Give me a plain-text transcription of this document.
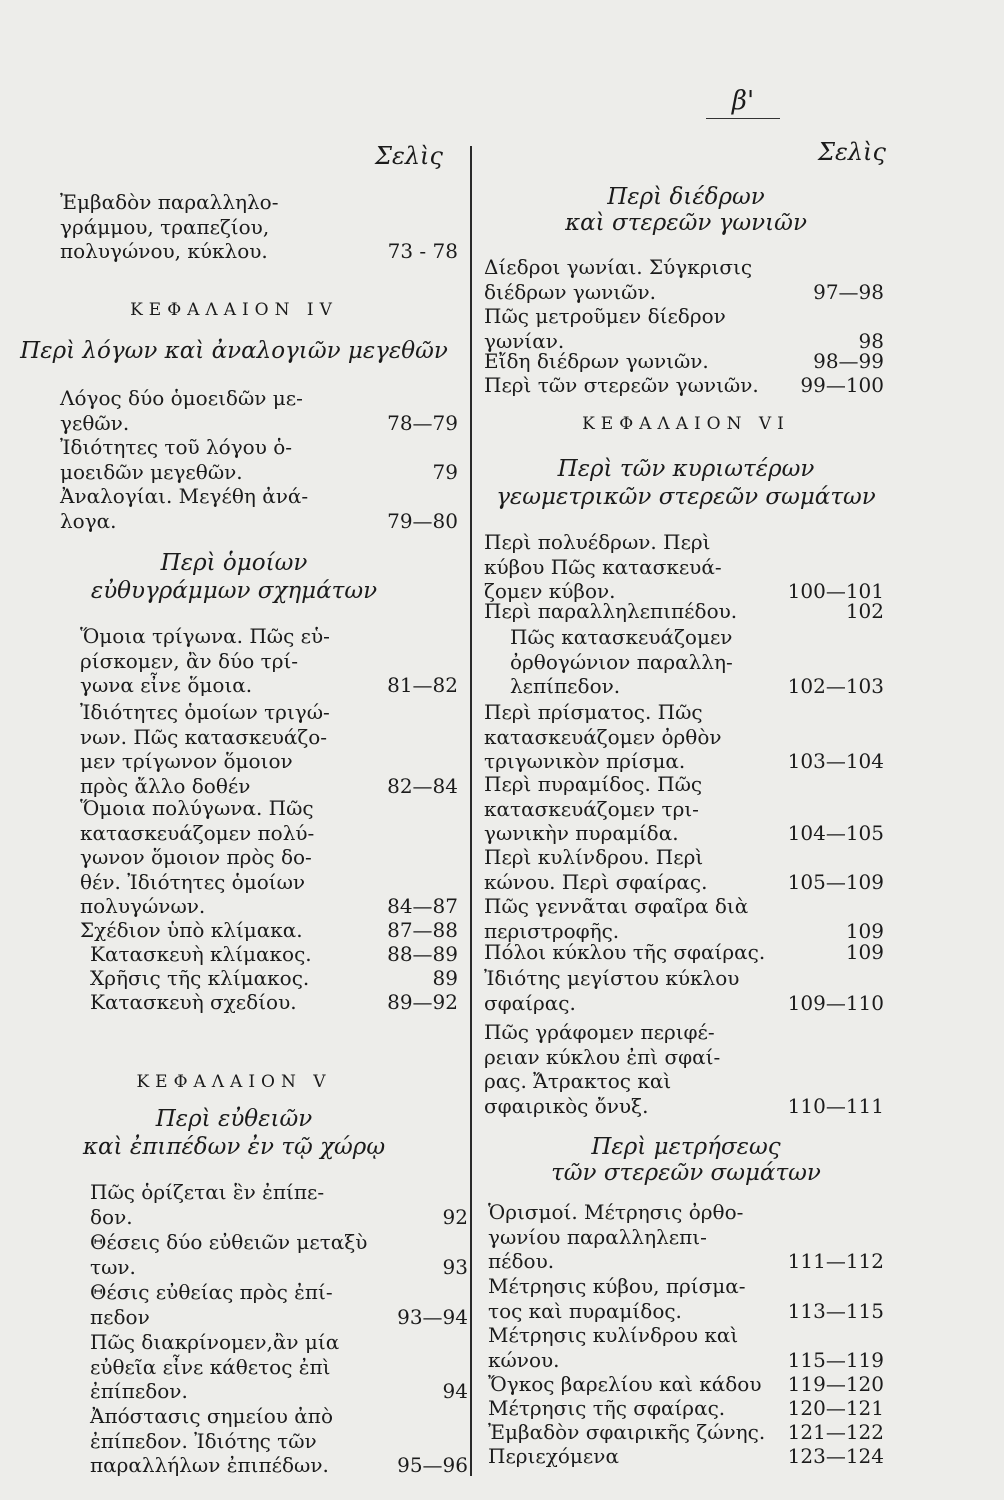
β'
Σελὶς
Ἐμβαδὸν παραλληλο-
γράμμου, τραπεζίου,
πολυγώνου, κύκλου.	73 - 78
ΚΕΦΑΛΑΙΟΝ IV
Περὶ λόγων καὶ ἀναλογιῶν μεγεθῶν
Λόγος δύο ὁμοειδῶν με-
γεθῶν.	78—79
Ἰδιότητες τοῦ λόγου ὁ-
μοειδῶν μεγεθῶν.	79
Ἀναλογίαι. Μεγέθη ἀνά-
λογα.	79—80
Περὶ ὁμοίων
εὐθυγράμμων σχημάτων
Ὅμοια τρίγωνα. Πῶς εὑ-
ρίσκομεν, ἂν δύο τρί-
γωνα εἶνε ὅμοια.	81—82
Ἰδιότητες ὁμοίων τριγώ-
νων. Πῶς κατασκευάζο-
μεν τρίγωνον ὅμοιον
πρὸς ἄλλο δοθέν	82—84
Ὅμοια πολύγωνα. Πῶς
κατασκευάζομεν πολύ-
γωνον ὅμοιον πρὸς δο-
θέν. Ἰδιότητες ὁμοίων
πολυγώνων.	84—87
Σχέδιον ὑπὸ κλίμακα.	87—88
Κατασκευὴ κλίμακος.	88—89
Χρῆσις τῆς κλίμακος.	89
Κατασκευὴ σχεδίου.	89—92
ΚΕΦΑΛΑΙΟΝ V
Περὶ εὐθειῶν
καὶ ἐπιπέδων ἐν τῷ χώρῳ
Πῶς ὁρίζεται ἓν ἐπίπε-
δον.	92
Θέσεις δύο εὐθειῶν μεταξὺ
των.	93
Θέσις εὐθείας πρὸς ἐπί-
πεδον	93—94
Πῶς διακρίνομεν,ἂν μία
εὐθεῖα εἶνε κάθετος ἐπὶ
ἐπίπεδον.	94
Ἀπόστασις σημείου ἀπὸ
ἐπίπεδον. Ἰδιότης τῶν
παραλλήλων ἐπιπέδων.	95—96
Σελὶς
Περὶ διέδρων
καὶ στερεῶν γωνιῶν
Δίεδροι γωνίαι. Σύγκρισις
διέδρων γωνιῶν.	97—98
Πῶς μετροῦμεν δίεδρον
γωνίαν.	98
Εἴδη διέδρων γωνιῶν.	98—99
Περὶ τῶν στερεῶν γωνιῶν.	99—100
ΚΕΦΑΛΑΙΟΝ VI
Περὶ τῶν κυριωτέρων
γεωμετρικῶν στερεῶν σωμάτων
Περὶ πολυέδρων. Περὶ
κύβου Πῶς κατασκευά-
ζομεν κύβον.	100—101
Περὶ παραλληλεπιπέδου.	102
Πῶς κατασκευάζομεν
ὀρθογώνιον παραλλη-
λεπίπεδον.	102—103
Περὶ πρίσματος. Πῶς
κατασκευάζομεν ὀρθὸν
τριγωνικὸν πρίσμα.	103—104
Περὶ πυραμίδος. Πῶς
κατασκευάζομεν τρι-
γωνικὴν πυραμίδα.	104—105
Περὶ κυλίνδρου. Περὶ
κώνου. Περὶ σφαίρας.	105—109
Πῶς γεννᾶται σφαῖρα διὰ
περιστροφῆς.	109
Πόλοι κύκλου τῆς σφαίρας.	109
Ἰδιότης μεγίστου κύκλου
σφαίρας.	109—110
Πῶς γράφομεν περιφέ-
ρειαν κύκλου ἐπὶ σφαί-
ρας. Ἄτρακτος καὶ
σφαιρικὸς ὄνυξ.	110—111
Περὶ μετρήσεως
τῶν στερεῶν σωμάτων
Ὁρισμοί. Μέτρησις ὀρθο-
γωνίου παραλληλεπι-
πέδου.	111—112
Μέτρησις κύβου, πρίσμα-
τος καὶ πυραμίδος.	113—115
Μέτρησις κυλίνδρου καὶ
κώνου.	115—119
Ὄγκος βαρελίου καὶ κάδου	119—120
Μέτρησις τῆς σφαίρας.	120—121
Ἐμβαδὸν σφαιρικῆς ζώνης.	121—122
Περιεχόμενα	123—124
